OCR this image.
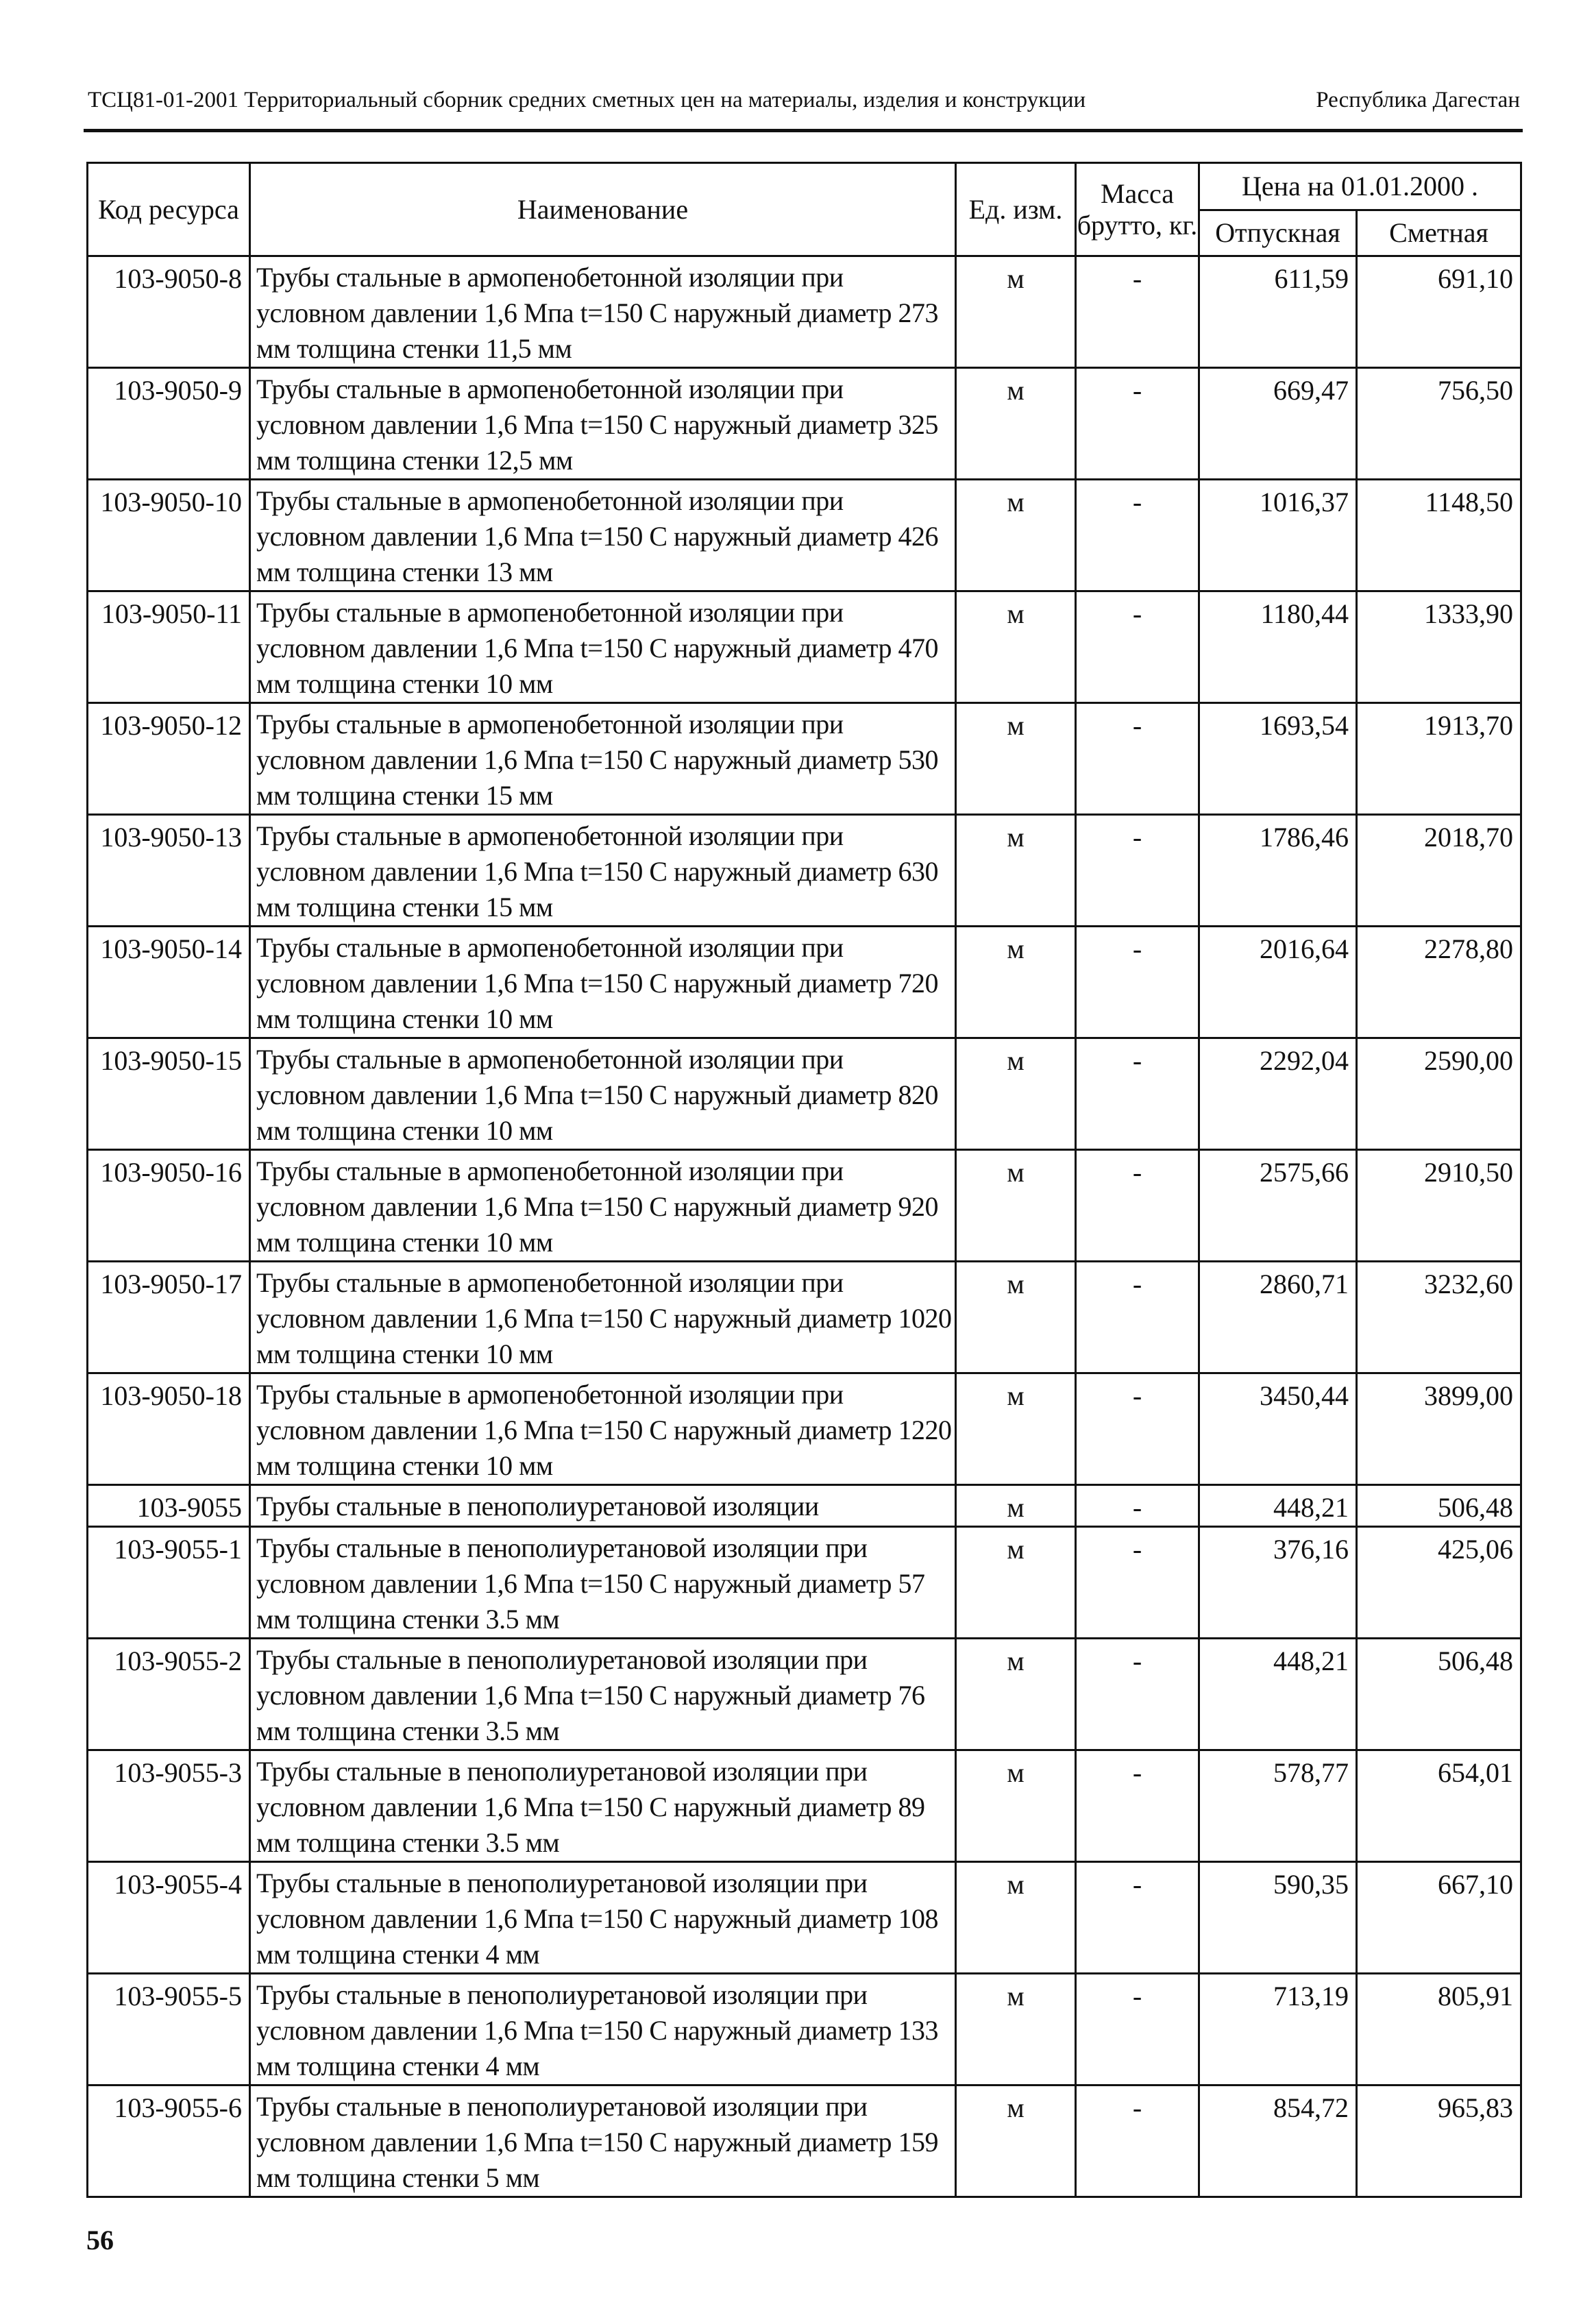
ТСЦ81-01-2001 Территориальный сборник средних сметных цен на материалы, изделия и конструкции	Республика Дагестан
Код ресурса	Наименование	Ед. изм.	Масса брутто, кг.	Цена на 01.01.2000 .	
				Отпускная	Сметная
103-9050-8	Трубы стальные в армопенобетонной изоляции при условном давлении 1,6 Мпа t=150 С наружный диаметр 273 мм толщина стенки 11,5 мм	м	-	611,59	691,10
103-9050-9	Трубы стальные в армопенобетонной изоляции при условном давлении 1,6 Мпа t=150 С наружный диаметр 325 мм толщина стенки 12,5 мм	м	-	669,47	756,50
103-9050-10	Трубы стальные в армопенобетонной изоляции при условном давлении 1,6 Мпа t=150 С наружный диаметр 426 мм толщина стенки 13 мм	м	-	1016,37	1148,50
103-9050-11	Трубы стальные в армопенобетонной изоляции при условном давлении 1,6 Мпа t=150 С наружный диаметр 470 мм толщина стенки 10 мм	м	-	1180,44	1333,90
103-9050-12	Трубы стальные в армопенобетонной изоляции при условном давлении 1,6 Мпа t=150 С наружный диаметр 530 мм толщина стенки 15 мм	м	-	1693,54	1913,70
103-9050-13	Трубы стальные в армопенобетонной изоляции при условном давлении 1,6 Мпа t=150 С наружный диаметр 630 мм толщина стенки 15 мм	м	-	1786,46	2018,70
103-9050-14	Трубы стальные в армопенобетонной изоляции при условном давлении 1,6 Мпа t=150 С наружный диаметр 720 мм толщина стенки 10 мм	м	-	2016,64	2278,80
103-9050-15	Трубы стальные в армопенобетонной изоляции при условном давлении 1,6 Мпа t=150 С наружный диаметр 820 мм толщина стенки 10 мм	м	-	2292,04	2590,00
103-9050-16	Трубы стальные в армопенобетонной изоляции при условном давлении 1,6 Мпа t=150 С наружный диаметр 920 мм толщина стенки 10 мм	м	-	2575,66	2910,50
103-9050-17	Трубы стальные в армопенобетонной изоляции при условном давлении 1,6 Мпа t=150 С наружный диаметр 1020 мм толщина стенки 10 мм	м	-	2860,71	3232,60
103-9050-18	Трубы стальные в армопенобетонной изоляции при условном давлении 1,6 Мпа t=150 С наружный диаметр 1220 мм толщина стенки 10 мм	м	-	3450,44	3899,00
103-9055	Трубы стальные в пенополиуретановой изоляции	м	-	448,21	506,48
103-9055-1	Трубы стальные в пенополиуретановой изоляции при условном давлении 1,6 Мпа t=150 С наружный диаметр 57 мм толщина стенки 3.5 мм	м	-	376,16	425,06
103-9055-2	Трубы стальные в пенополиуретановой изоляции при условном давлении 1,6 Мпа t=150 С наружный диаметр 76 мм толщина стенки 3.5 мм	м	-	448,21	506,48
103-9055-3	Трубы стальные в пенополиуретановой изоляции при условном давлении 1,6 Мпа t=150 С наружный диаметр 89 мм толщина стенки 3.5 мм	м	-	578,77	654,01
103-9055-4	Трубы стальные в пенополиуретановой изоляции при условном давлении 1,6 Мпа t=150 С наружный диаметр 108 мм толщина стенки 4 мм	м	-	590,35	667,10
103-9055-5	Трубы стальные в пенополиуретановой изоляции при условном давлении 1,6 Мпа t=150 С наружный диаметр 133 мм толщина стенки 4 мм	м	-	713,19	805,91
103-9055-6	Трубы стальные в пенополиуретановой изоляции при условном давлении 1,6 Мпа t=150 С наружный диаметр 159 мм толщина стенки 5 мм	м	-	854,72	965,83
56
